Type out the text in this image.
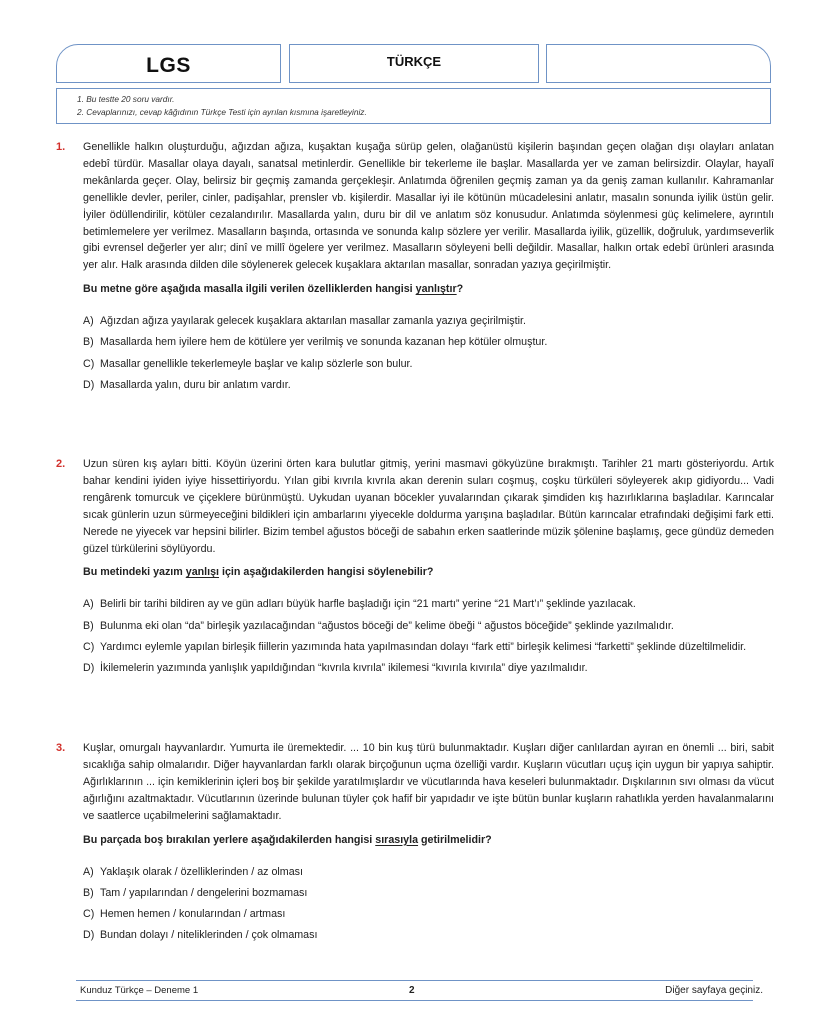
LGS	TÜRKÇE
1. Bu testte 20 soru vardır.
2. Cevaplarınızı, cevap kâğıdının Türkçe Testi için ayrılan kısmına işaretleyiniz.
1. Genellikle halkın oluşturduğu, ağızdan ağıza, kuşaktan kuşağa sürüp gelen, olağanüstü kişilerin başından geçen olağan dışı olayları anlatan edebî türdür. Masallar olaya dayalı, sanatsal metinlerdir. Genellikle bir tekerleme ile başlar. Masallarda yer ve zaman belirsizdir. Olaylar, hayalî mekânlarda geçer. Olay, belirsiz bir geçmiş zamanda gerçekleşir. Anlatımda öğrenilen geçmiş zaman ya da geniş zaman kullanılır. Kahramanlar genellikle devler, periler, cinler, padişahlar, prensler vb. kişilerdir. Masallar iyi ile kötünün mücadelesini anlatır, masalın sonunda iyilik üstün gelir. İyiler ödüllendirilir, kötüler cezalandırılır. Masallarda yalın, duru bir dil ve anlatım söz konusudur. Anlatımda söylenmesi güç kelimelere, ayrıntılı betimlemelere yer verilmez. Masalların başında, ortasında ve sonunda kalıp sözlere yer verilir. Masallarda iyilik, güzellik, doğruluk, yardımseverlik gibi evrensel değerler yer alır; dinî ve millî ögelere yer verilmez. Masalların söyleyeni belli değildir. Masallar, halkın ortak edebî ürünleri arasında yer alır. Halk arasında dilden dile söylenerek gelecek kuşaklara aktarılan masallar, sonradan yazıya geçirilmiştir.
Bu metne göre aşağıda masalla ilgili verilen özelliklerden hangisi yanlıştır?
A) Ağızdan ağıza yayılarak gelecek kuşaklara aktarılan masallar zamanla yazıya geçirilmiştir.
B) Masallarda hem iyilere hem de kötülere yer verilmiş ve sonunda kazanan hep kötüler olmuştur.
C) Masallar genellikle tekerlemeyle başlar ve kalıp sözlerle son bulur.
D) Masallarda yalın, duru bir anlatım vardır.
2. Uzun süren kış ayları bitti. Köyün üzerini örten kara bulutlar gitmiş, yerini masmavi gökyüzüne bırakmıştı. Tarihler 21 martı gösteriyordu. Artık bahar kendini iyiden iyiye hissettiriyordu. Yılan gibi kıvrıla kıvrıla akan derenin suları coşmuş, coşku türküleri söyleyerek akıp gidiyordu... Vadi rengârenk tomurcuk ve çiçeklere bürünmüştü. Uykudan uyanan böcekler yuvalarından çıkarak şimdiden kış hazırlıklarına başladılar. Karıncalar sıcak günlerin uzun sürmeyeceğini bildikleri için ambarlarını yiyecekle doldurma yarışına başladılar. Bütün karıncalar etrafındaki değişimi fark etti. Nerede ne yiyecek var hepsini bilirler. Bizim tembel ağustos böceği de sabahın erken saatlerinde müzik şölenine başlamış, gece gündüz demeden güzel türkülerini söylüyordu.
Bu metindeki yazım yanlışı için aşağıdakilerden hangisi söylenebilir?
A) Belirli bir tarihi bildiren ay ve gün adları büyük harfle başladığı için “21 martı” yerine “21 Mart’ı” şeklinde yazılacak.
B) Bulunma eki olan “da” birleşik yazılacağından “ağustos böceği de” kelime öbeği “ ağustos böceğide” şeklinde yazılmalıdır.
C) Yardımcı eylemle yapılan birleşik fiillerin yazımında hata yapılmasından dolayı “fark etti” birleşik kelimesi “farketti” şeklinde düzeltilmelidir.
D) İkilemelerin yazımında yanlışlık yapıldığından “kıvrıla kıvrıla” ikilemesi “kıvırıla kıvırıla” diye yazılmalıdır.
3. Kuşlar, omurgalı hayvanlardır. Yumurta ile üremektedir. ... 10 bin kuş türü bulunmaktadır. Kuşları diğer canlılardan ayıran en önemli ... biri, sabit sıcaklığa sahip olmalarıdır. Diğer hayvanlardan farklı olarak birçoğunun uçma özelliği vardır. Kuşların vücutları uçuş için uygun bir yapıya sahiptir. Ağırlıklarının ... için kemiklerinin içleri boş bir şekilde yaratılmışlardır ve vücutlarında hava keseleri bulunmaktadır. Dışkılarının sıvı olması da vücut ağırlığını azaltmaktadır. Vücutlarının üzerinde bulunan tüyler çok hafif bir yapıdadır ve işte bütün bunlar kuşların rahatlıkla yerden havalanmalarını ve saatlerce uçabilmelerini sağlamaktadır.
Bu parçada boş bırakılan yerlere aşağıdakilerden hangisi sırasıyla getirilmelidir?
A) Yaklaşık olarak / özelliklerinden / az olması
B) Tam / yapılarından / dengelerini bozmaması
C) Hemen hemen / konularından / artması
D) Bundan dolayı / niteliklerinden / çok olmaması
Kunduz Türkçe – Deneme 1	2	Diğer sayfaya geçiniz.
